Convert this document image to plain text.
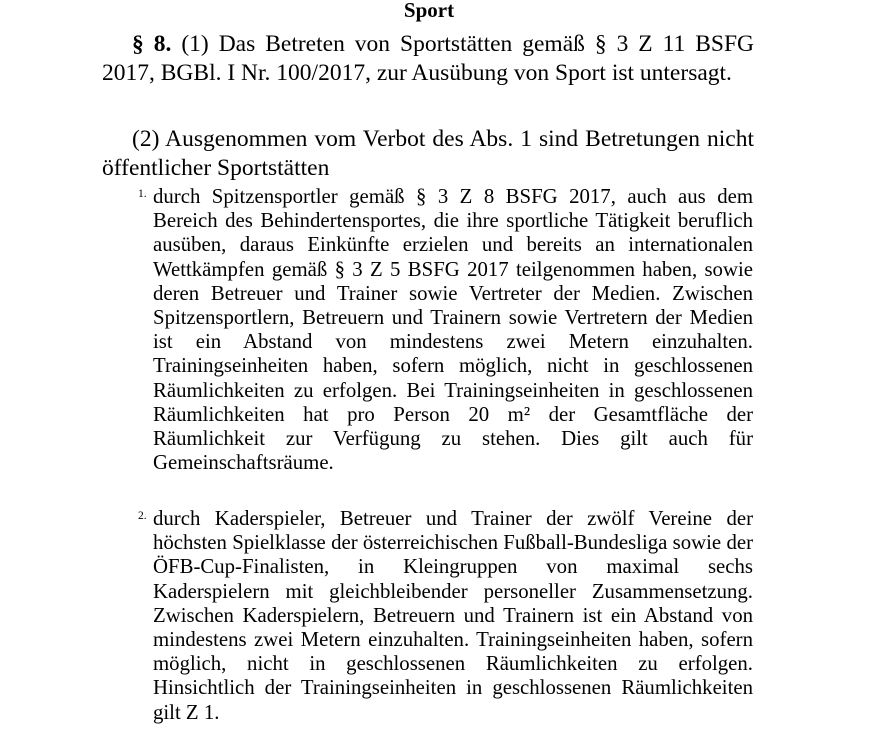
Sport

§ 8. (1) Das Betreten von Sportstätten gemäß § 3 Z 11 BSFG 2017, BGBl. I Nr. 100/2017, zur Ausübung von Sport ist untersagt.

(2) Ausgenommen vom Verbot des Abs. 1 sind Betretungen nicht öffentlicher Sportstätten

1. durch Spitzensportler gemäß § 3 Z 8 BSFG 2017, auch aus dem Bereich des Behindertensportes, die ihre sportliche Tätigkeit beruflich ausüben, daraus Einkünfte erzielen und bereits an internationalen Wettkämpfen gemäß § 3 Z 5 BSFG 2017 teilgenommen haben, sowie deren Betreuer und Trainer sowie Vertreter der Medien. Zwischen Spitzensportlern, Betreuern und Trainern sowie Vertretern der Medien ist ein Abstand von mindestens zwei Metern einzuhalten. Trainingseinheiten haben, sofern möglich, nicht in geschlossenen Räumlichkeiten zu erfolgen. Bei Trainingseinheiten in geschlossenen Räumlichkeiten hat pro Person 20 m² der Gesamtfläche der Räumlichkeit zur Verfügung zu stehen. Dies gilt auch für Gemeinschaftsräume.
2. durch Kaderspieler, Betreuer und Trainer der zwölf Vereine der höchsten Spielklasse der österreichischen Fußball-Bundesliga sowie der ÖFB-Cup-Finalisten, in Kleingruppen von maximal sechs Kaderspielern mit gleichbleibender personeller Zusammensetzung. Zwischen Kaderspielern, Betreuern und Trainern ist ein Abstand von mindestens zwei Metern einzuhalten. Trainingseinheiten haben, sofern möglich, nicht in geschlossenen Räumlichkeiten zu erfolgen. Hinsichtlich der Trainingseinheiten in geschlossenen Räumlichkeiten gilt Z 1.
